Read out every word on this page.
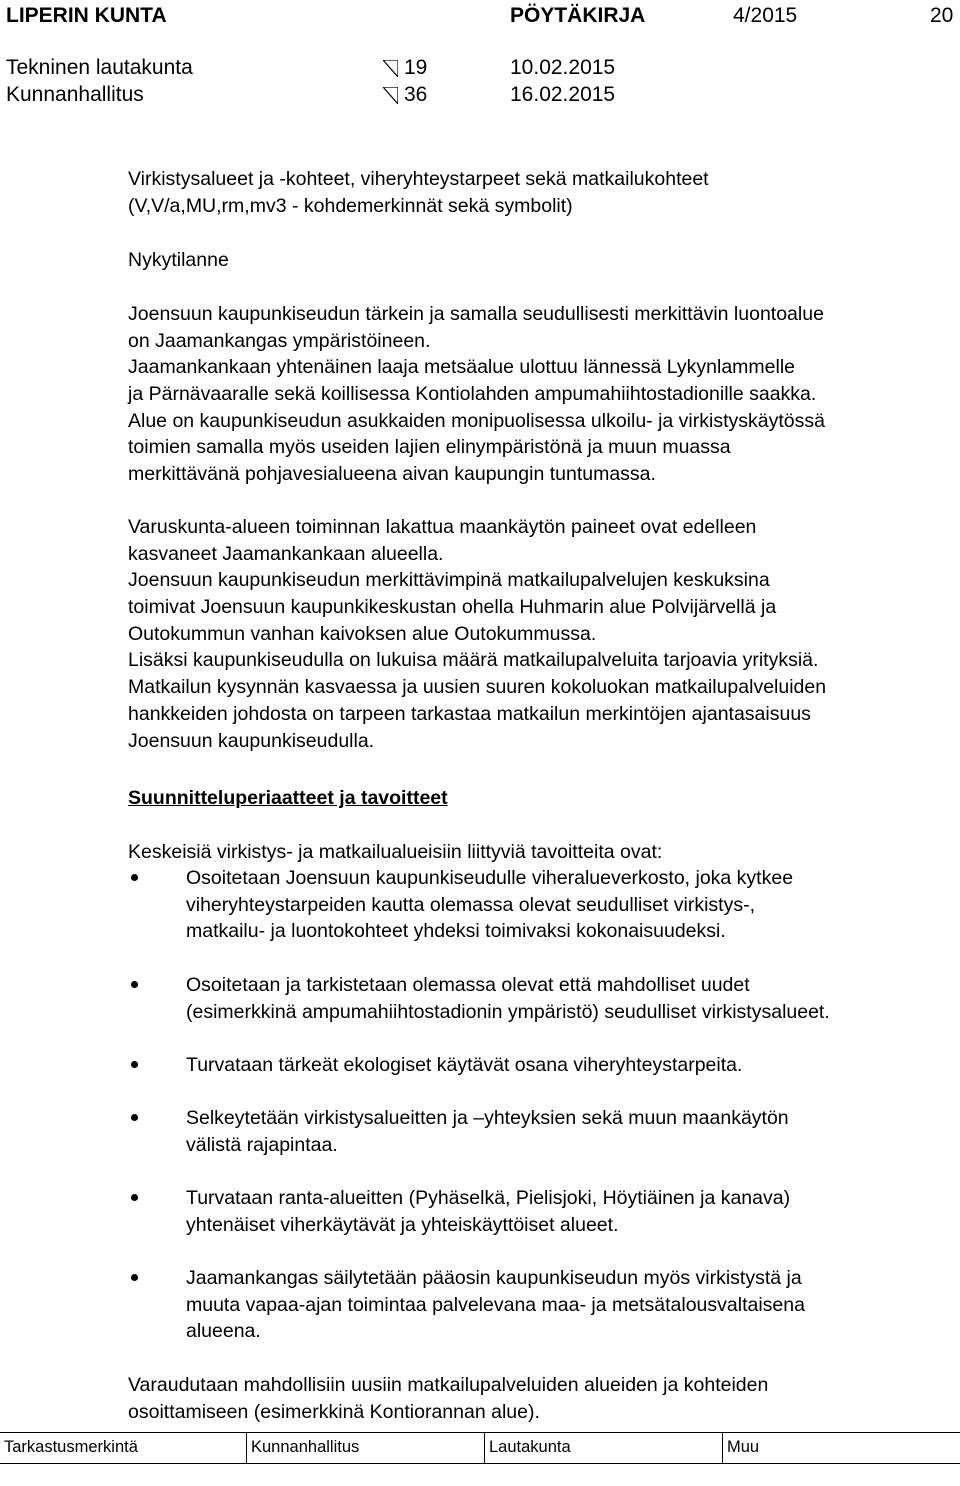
LIPERIN KUNTA	PÖYTÄKIRJA	4/2015	20
Tekninen lautakunta	19	10.02.2015
Kunnanhallitus	36	16.02.2015
Virkistysalueet ja -kohteet, viheryhteystarpeet sekä matkailukohteet
(V,V/a,MU,rm,mv3 - kohdemerkinnät sekä symbolit)
Nykytilanne
Joensuun kaupunkiseudun tärkein ja samalla seudullisesti merkittävin luontoalue
on Jaamankangas ympäristöineen.
Jaamankankaan yhtenäinen laaja metsäalue ulottuu lännessä Lykynlammelle
ja Pärnävaaralle sekä koillisessa Kontiolahden ampumahiihtostadionille saakka.
Alue on kaupunkiseudun asukkaiden monipuolisessa ulkoilu- ja virkistyskäytössä
toimien samalla myös useiden lajien elinympäristönä ja muun muassa
merkittävänä pohjavesialueena aivan kaupungin tuntumassa.
Varuskunta-alueen toiminnan lakattua maankäytön paineet ovat edelleen
kasvaneet Jaamankankaan alueella.
Joensuun kaupunkiseudun merkittävimpinä matkailupalvelujen keskuksina
toimivat Joensuun kaupunkikeskustan ohella Huhmarin alue Polvijärvellä ja
Outokummun vanhan kaivoksen alue Outokummussa.
Lisäksi kaupunkiseudulla on lukuisa määrä matkailupalveluita tarjoavia yrityksiä.
Matkailun kysynnän kasvaessa ja uusien suuren kokoluokan matkailupalveluiden
hankkeiden johdosta on tarpeen tarkastaa matkailun merkintöjen ajantasaisuus
Joensuun kaupunkiseudulla.
Suunnitteluperiaatteet ja tavoitteet
Keskeisiä virkistys- ja matkailualueisiin liittyviä tavoitteita ovat:
Osoitetaan Joensuun kaupunkiseudulle viheralueverkosto, joka kytkee
viheryhteystarpeiden kautta olemassa olevat seudulliset virkistys-,
matkailu- ja luontokohteet yhdeksi toimivaksi kokonaisuudeksi.
Osoitetaan ja tarkistetaan olemassa olevat että mahdolliset uudet
(esimerkkinä ampumahiihtostadionin ympäristö) seudulliset virkistysalueet.
Turvataan tärkeät ekologiset käytävät osana viheryhteystarpeita.
Selkeytetään virkistysalueitten ja –yhteyksien sekä muun maankäytön
välistä rajapintaa.
Turvataan ranta-alueitten (Pyhäselkä, Pielisjoki, Höytiäinen ja kanava)
yhtenäiset viherkäytävät ja yhteiskäyttöiset alueet.
Jaamankangas säilytetään pääosin kaupunkiseudun myös virkistystä ja
muuta vapaa-ajan toimintaa palvelevana maa- ja metsätalousvaltaisena
alueena.
Varaudutaan mahdollisiin uusiin matkailupalveluiden alueiden ja kohteiden
osoittamiseen (esimerkkinä Kontiorannan alue).
Tarkastusmerkintä	Kunnanhallitus	Lautakunta	Muu
